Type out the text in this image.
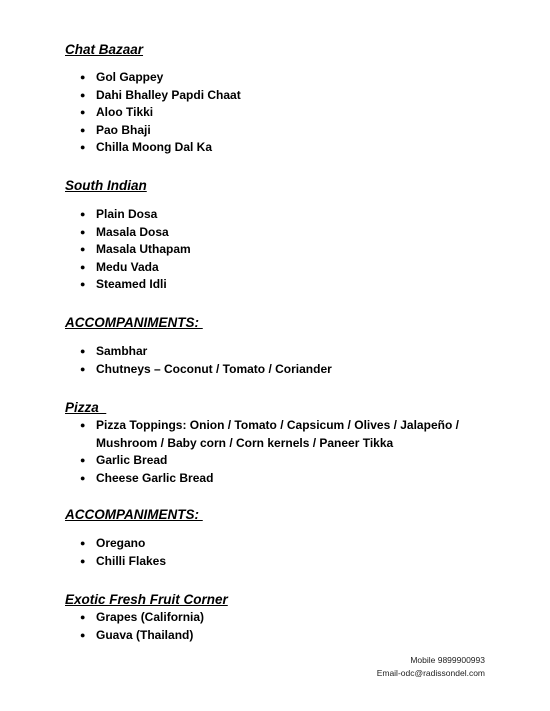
Chat Bazaar
● Gol Gappey
● Dahi Bhalley Papdi Chaat
● Aloo Tikki
● Pao Bhaji
● Chilla Moong Dal Ka
South Indian
● Plain Dosa
● Masala Dosa
● Masala Uthapam
● Medu Vada
● Steamed Idli
ACCOMPANIMENTS:
● Sambhar
● Chutneys – Coconut / Tomato / Coriander
Pizza
● Pizza Toppings: Onion / Tomato / Capsicum / Olives / Jalapeño /
Mushroom / Baby corn / Corn kernels / Paneer Tikka
● Garlic Bread
● Cheese Garlic Bread
ACCOMPANIMENTS:
● Oregano
● Chilli Flakes
Exotic Fresh Fruit Corner
● Grapes (California)
● Guava (Thailand)
Mobile 9899900993
Email-odc@radissondel.com
